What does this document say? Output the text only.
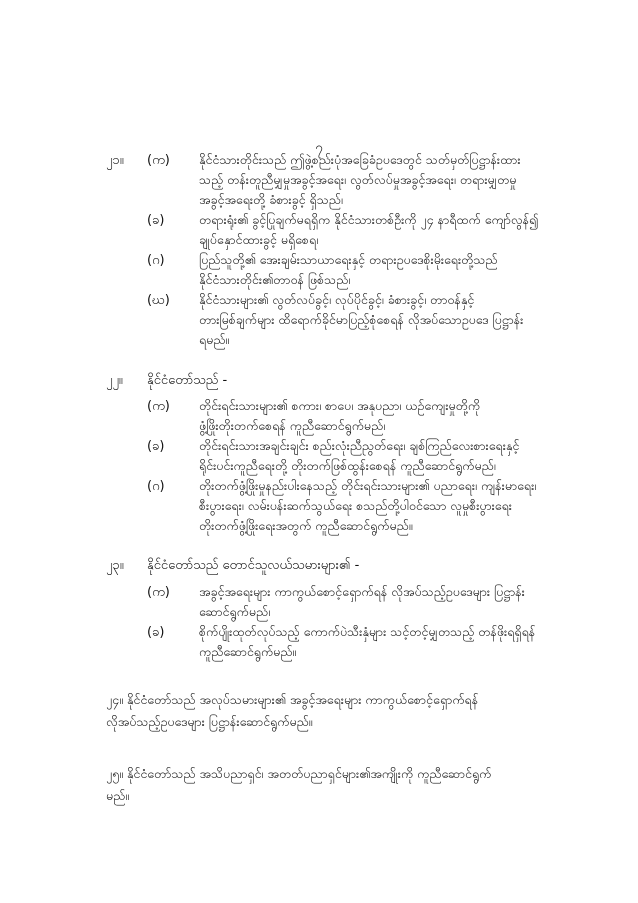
၇
၂၁။ (က) နိုင်ငံသားတိုင်းသည် ဤဖွဲ့စည်းပုံအခြေခံဥပဒေတွင် သတ်မှတ်ပြဋ္ဌာန်းထား
သည့် တန်းတူညီမျှမှုအခွင့်အရေး၊ လွတ်လပ်မှုအခွင့်အရေး၊ တရားမျှတမှု
အခွင့်အရေးတို့ ခံစားခွင့် ရှိသည်၊
(ခ)	တရားရုံး၏ ခွင့်ပြုချက်မရရှိက နိုင်ငံသားတစ်ဦးကို ၂၄ နာရီထက် ကျော်လွန်၍
ချုပ်နှောင်ထားခွင့် မရှိစေရ၊
(ဂ)	ပြည်သူတို့၏ အေးချမ်းသာယာရေးနှင့် တရားဥပဒေစိုးမိုးရေးတို့သည်
နိုင်ငံသားတိုင်း၏တာဝန် ဖြစ်သည်၊
(ဃ) နိုင်ငံသားများ၏ လွတ်လပ်ခွင့်၊ လုပ်ပိုင်ခွင့်၊ ခံစားခွင့်၊ တာဝန်နှင့်
တားမြစ်ချက်များ ထိရောက်ခိုင်မာပြည့်စုံစေရန် လိုအပ်သောဥပဒေ ပြဋ္ဌာန်း
ရမည်။
၂၂။ နိုင်ငံတော်သည် -
(က) တိုင်းရင်းသားများ၏ စကား၊ စာပေ၊ အနုပညာ၊ ယဉ်ကျေးမှုတို့ကို
ဖွံ့ဖြိုးတိုးတက်စေရန် ကူညီဆောင်ရွက်မည်၊
(ခ)	တိုင်းရင်းသားအချင်းချင်း စည်းလုံးညီညွတ်ရေး၊ ချစ်ကြည်လေးစားရေးနှင့်
ရိုင်းပင်းကူညီရေးတို့ တိုးတက်ဖြစ်ထွန်းစေရန် ကူညီဆောင်ရွက်မည်၊
(ဂ)	တိုးတက်ဖွံ့ဖြိုးမှုနည်းပါးနေသည့် တိုင်းရင်းသားများ၏ ပညာရေး၊ ကျန်းမာရေး၊
စီးပွားရေး၊ လမ်းပန်းဆက်သွယ်ရေး စသည်တို့ပါဝင်သော လူမှုစီးပွားရေး
တိုးတက်ဖွံ့ဖြိုးရေးအတွက် ကူညီဆောင်ရွက်မည်။
၂၃။ နိုင်ငံတော်သည် တောင်သူလယ်သမားများ၏ -
(က) အခွင့်အရေးများ ကာကွယ်စောင့်ရှောက်ရန် လိုအပ်သည့်ဥပဒေများ ပြဋ္ဌာန်း
ဆောင်ရွက်မည်၊
(ခ)	စိုက်ပျိုးထုတ်လုပ်သည့် ကောက်ပဲသီးနှံများ သင့်တင့်မျှတသည့် တန်ဖိုးရရှိရန်
ကူညီဆောင်ရွက်မည်။
၂၄။ နိုင်ငံတော်သည် အလုပ်သမားများ၏ အခွင့်အရေးများ ကာကွယ်စောင့်ရှောက်ရန်
လိုအပ်သည့်ဥပဒေများ ပြဋ္ဌာန်းဆောင်ရွက်မည်။
၂၅။ နိုင်ငံတော်သည် အသိပညာရှင်၊ အတတ်ပညာရှင်များ၏အကျိုးကို ကူညီဆောင်ရွက်
မည်။
